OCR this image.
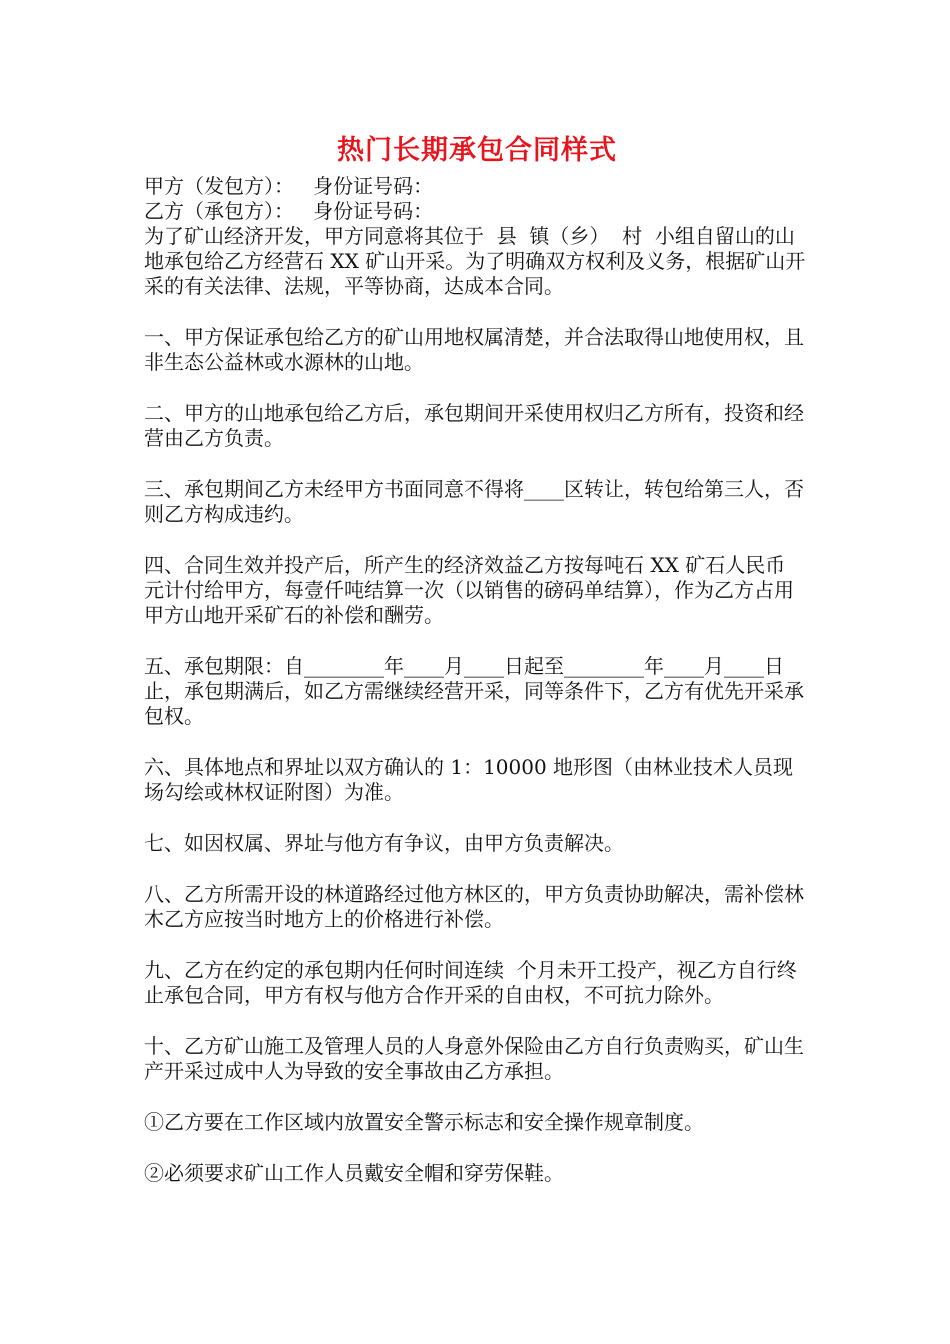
热门长期承包合同样式
甲方（发包方）：   身份证号码：
乙方（承包方）：   身份证号码：
为了矿山经济开发，甲方同意将其位于  县  镇（乡）  村  小组自留山的山地承包给乙方经营石 XX 矿山开采。为了明确双方权利及义务，根据矿山开采的有关法律、法规，平等协商，达成本合同。
一、甲方保证承包给乙方的矿山用地权属清楚，并合法取得山地使用权，且非生态公益林或水源林的山地。
二、甲方的山地承包给乙方后，承包期间开采使用权归乙方所有，投资和经营由乙方负责。
三、承包期间乙方未经甲方书面同意不得将____区转让，转包给第三人，否则乙方构成违约。
四、合同生效并投产后，所产生的经济效益乙方按每吨石 XX 矿石人民币  元计付给甲方，每壹仟吨结算一次（以销售的磅码单结算），作为乙方占用甲方山地开采矿石的补偿和酬劳。
五、承包期限：自________年____月____日起至________年____月____日止，承包期满后，如乙方需继续经营开采，同等条件下，乙方有优先开采承包权。
六、具体地点和界址以双方确认的 1：10000 地形图（由林业技术人员现场勾绘或林权证附图）为准。
七、如因权属、界址与他方有争议，由甲方负责解决。
八、乙方所需开设的林道路经过他方林区的，甲方负责协助解决，需补偿林木乙方应按当时地方上的价格进行补偿。
九、乙方在约定的承包期内任何时间连续  个月未开工投产，视乙方自行终止承包合同，甲方有权与他方合作开采的自由权，不可抗力除外。
十、乙方矿山施工及管理人员的人身意外保险由乙方自行负责购买，矿山生产开采过成中人为导致的安全事故由乙方承担。
①乙方要在工作区域内放置安全警示标志和安全操作规章制度。
②必须要求矿山工作人员戴安全帽和穿劳保鞋。
